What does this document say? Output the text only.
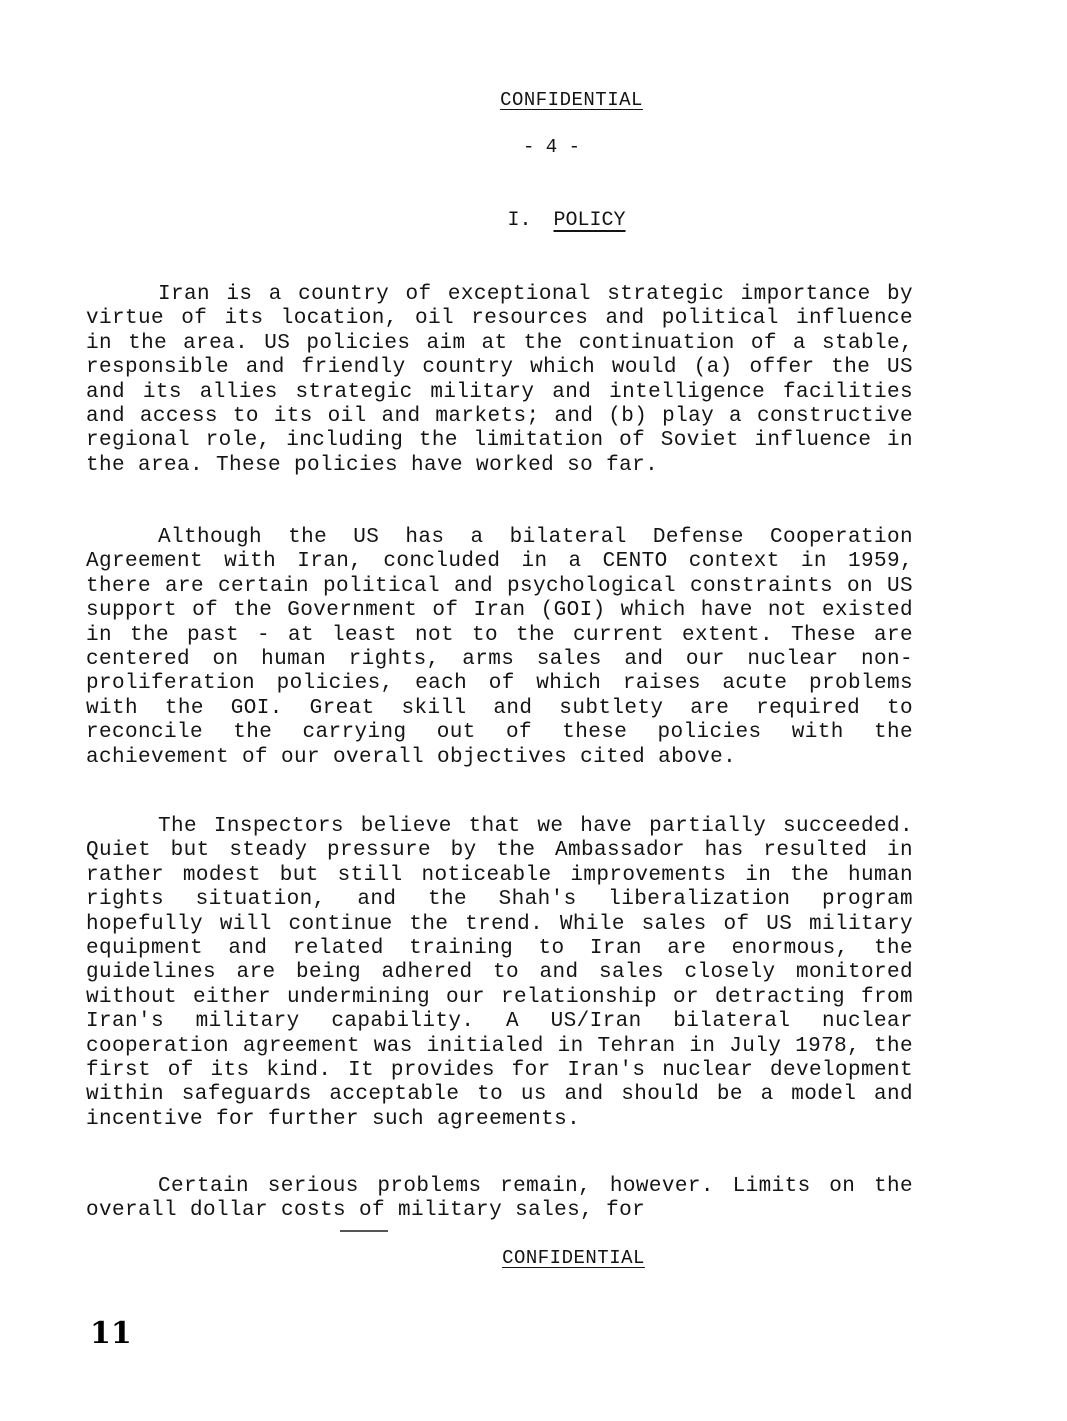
CONFIDENTIAL
- 4 -
I. POLICY

Iran is a country of exceptional strategic importance by virtue of its location, oil resources and political influence in the area. US policies aim at the continuation of a stable, responsible and friendly country which would (a) offer the US and its allies strategic military and intelligence facilities and access to its oil and markets; and (b) play a constructive regional role, including the limitation of Soviet influence in the area. These policies have worked so far.

Although the US has a bilateral Defense Cooperation Agreement with Iran, concluded in a CENTO context in 1959, there are certain political and psychological constraints on US support of the Government of Iran (GOI) which have not existed in the past - at least not to the current extent. These are centered on human rights, arms sales and our nuclear non-proliferation policies, each of which raises acute problems with the GOI. Great skill and subtlety are required to reconcile the carrying out of these policies with the achievement of our overall objectives cited above.

The Inspectors believe that we have partially succeeded. Quiet but steady pressure by the Ambassador has resulted in rather modest but still noticeable improvements in the human rights situation, and the Shah's liberalization program hopefully will continue the trend. While sales of US military equipment and related training to Iran are enormous, the guidelines are being adhered to and sales closely monitored without either undermining our relationship or detracting from Iran's military capability. A US/Iran bilateral nuclear cooperation agreement was initialed in Tehran in July 1978, the first of its kind. It provides for Iran's nuclear development within safeguards acceptable to us and should be a model and incentive for further such agreements.

Certain serious problems remain, however. Limits on the overall dollar costs of military sales, for

CONFIDENTIAL
11
